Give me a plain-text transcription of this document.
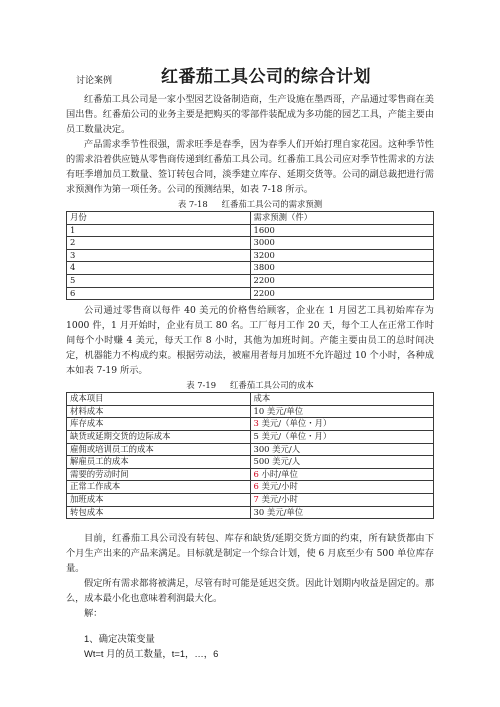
讨论案例	红番茄工具公司的综合计划

红番茄工具公司是一家小型园艺设备制造商，生产设施在墨西哥，产品通过零售商在美国出售。红番茄公司的业务主要是把购买的零部件装配成为多功能的园艺工具，产能主要由员工数量决定。

产品需求季节性很强，需求旺季是春季，因为春季人们开始打理自家花园。这种季节性的需求沿着供应链从零售商传递到红番茄工具公司。红番茄工具公司应对季节性需求的方法有旺季增加员工数量、签订转包合同，淡季建立库存、延期交货等。公司的副总裁把进行需求预测作为第一项任务。公司的预测结果，如表 7-18 所示。

表 7-18 红番茄工具公司的需求预测
月份	需求预测（件）
1	1600
2	3000
3	3200
4	3800
5	2200
6	2200

公司通过零售商以每件 40 美元的价格售给顾客，企业在 1 月园艺工具初始库存为 1000 件，1 月开始时，企业有员工 80 名。工厂每月工作 20 天，每个工人在正常工作时间每个小时赚 4 美元，每天工作 8 小时，其他为加班时间。产能主要由员工的总时间决定，机器能力不构成约束。根据劳动法，被雇用者每月加班不允许超过 10 个小时，各种成本如表 7-19 所示。

表 7-19 红番茄工具公司的成本
成本项目	成本
材料成本	10 美元/单位
库存成本	3 美元/（单位・月）
缺货或延期交货的边际成本	5 美元/（单位・月）
雇佣或培训员工的成本	300 美元/人
解雇员工的成本	500 美元/人
需要的劳动时间	6 小时/单位
正常工作成本	6 美元/小时
加班成本	7 美元/小时
转包成本	30 美元/单位

目前，红番茄工具公司没有转包、库存和缺货/延期交货方面的约束，所有缺货都由下个月生产出来的产品来满足。目标就是制定一个综合计划，使 6 月底至少有 500 单位库存量。

假定所有需求都将被满足，尽管有时可能是延迟交货。因此计划期内收益是固定的。那么，成本最小化也意味着利润最大化。

解：

1、确定决策变量
Wt=t 月的员工数量，t=1，…，6
